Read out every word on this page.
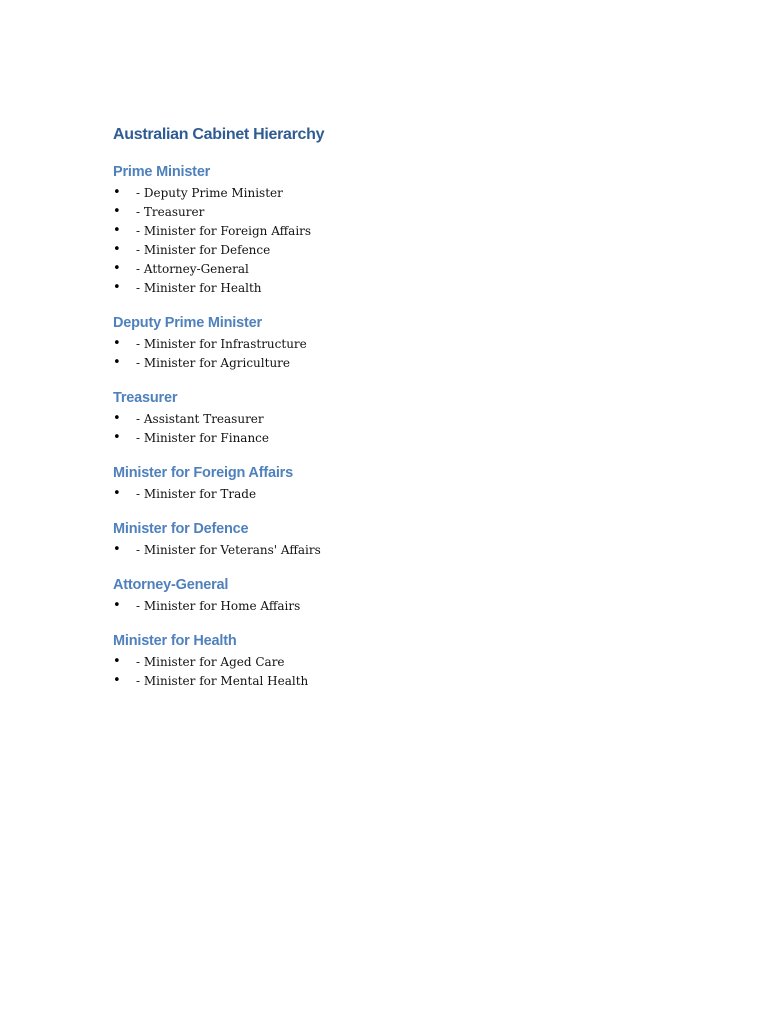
Australian Cabinet Hierarchy
Prime Minister
• - Deputy Prime Minister
• - Treasurer
• - Minister for Foreign Affairs
• - Minister for Defence
• - Attorney-General
• - Minister for Health
Deputy Prime Minister
• - Minister for Infrastructure
• - Minister for Agriculture
Treasurer
• - Assistant Treasurer
• - Minister for Finance
Minister for Foreign Affairs
• - Minister for Trade
Minister for Defence
• - Minister for Veterans' Affairs
Attorney-General
• - Minister for Home Affairs
Minister for Health
• - Minister for Aged Care
• - Minister for Mental Health
